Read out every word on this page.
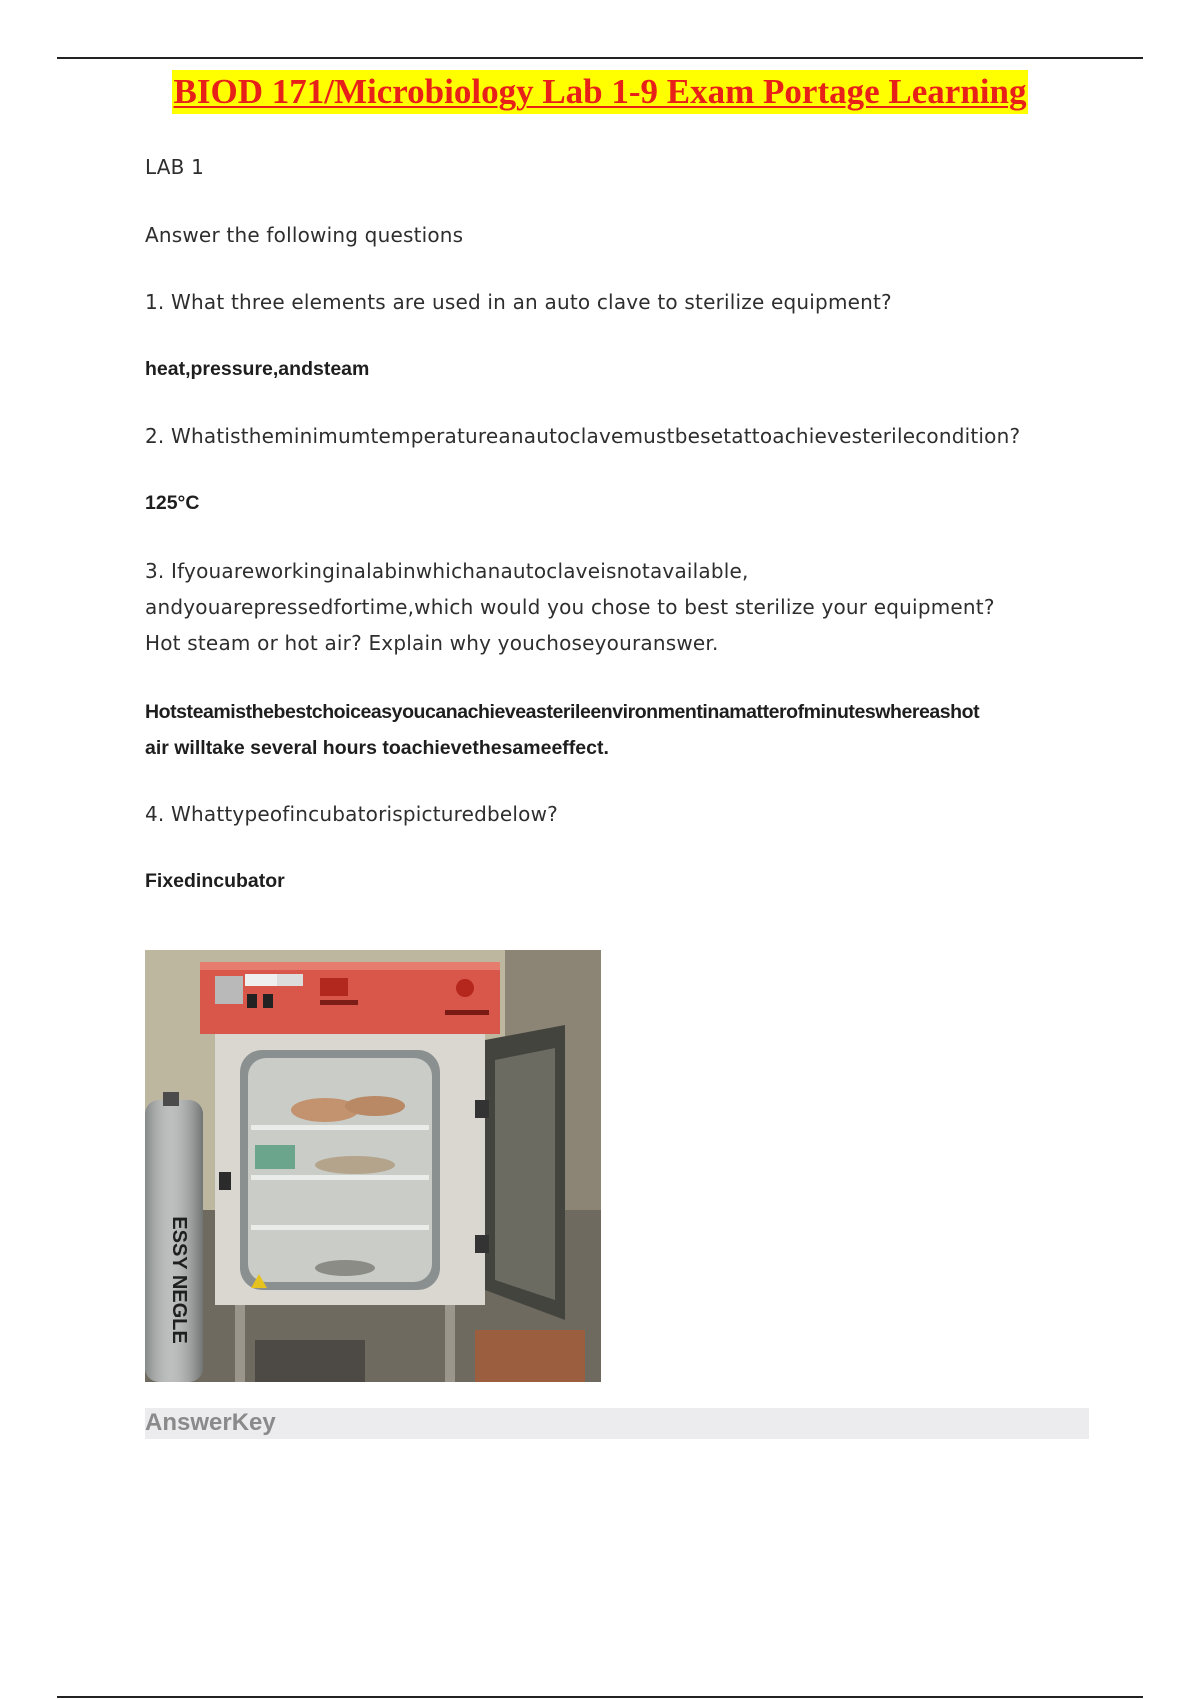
BIOD 171/Microbiology Lab 1-9 Exam Portage Learning
LAB 1
Answer the following questions
1. What three elements are used in an auto clave to sterilize equipment?
heat,pressure,andsteam
2. Whatistheminimumtemperatureanautoclavemustbesetattoachievesterilecondition?
125°C
3. Ifyouareworkinginalabinwhichanautoclaveisnotavailable,
andyouarepressedfortime,which would you chose to best sterilize your equipment?
Hot steam or hot air? Explain why youchoseyouranswer.
Hotsteamisthebestchoiceasyoucanachieveasterileenvironmentinamatterofminuteswhereashot
air willtake several hours toachievethesameeffect.
4. Whattypeofincubatorispicturedbelow?
Fixedincubator
ESSY NEGLE
AnswerKey
